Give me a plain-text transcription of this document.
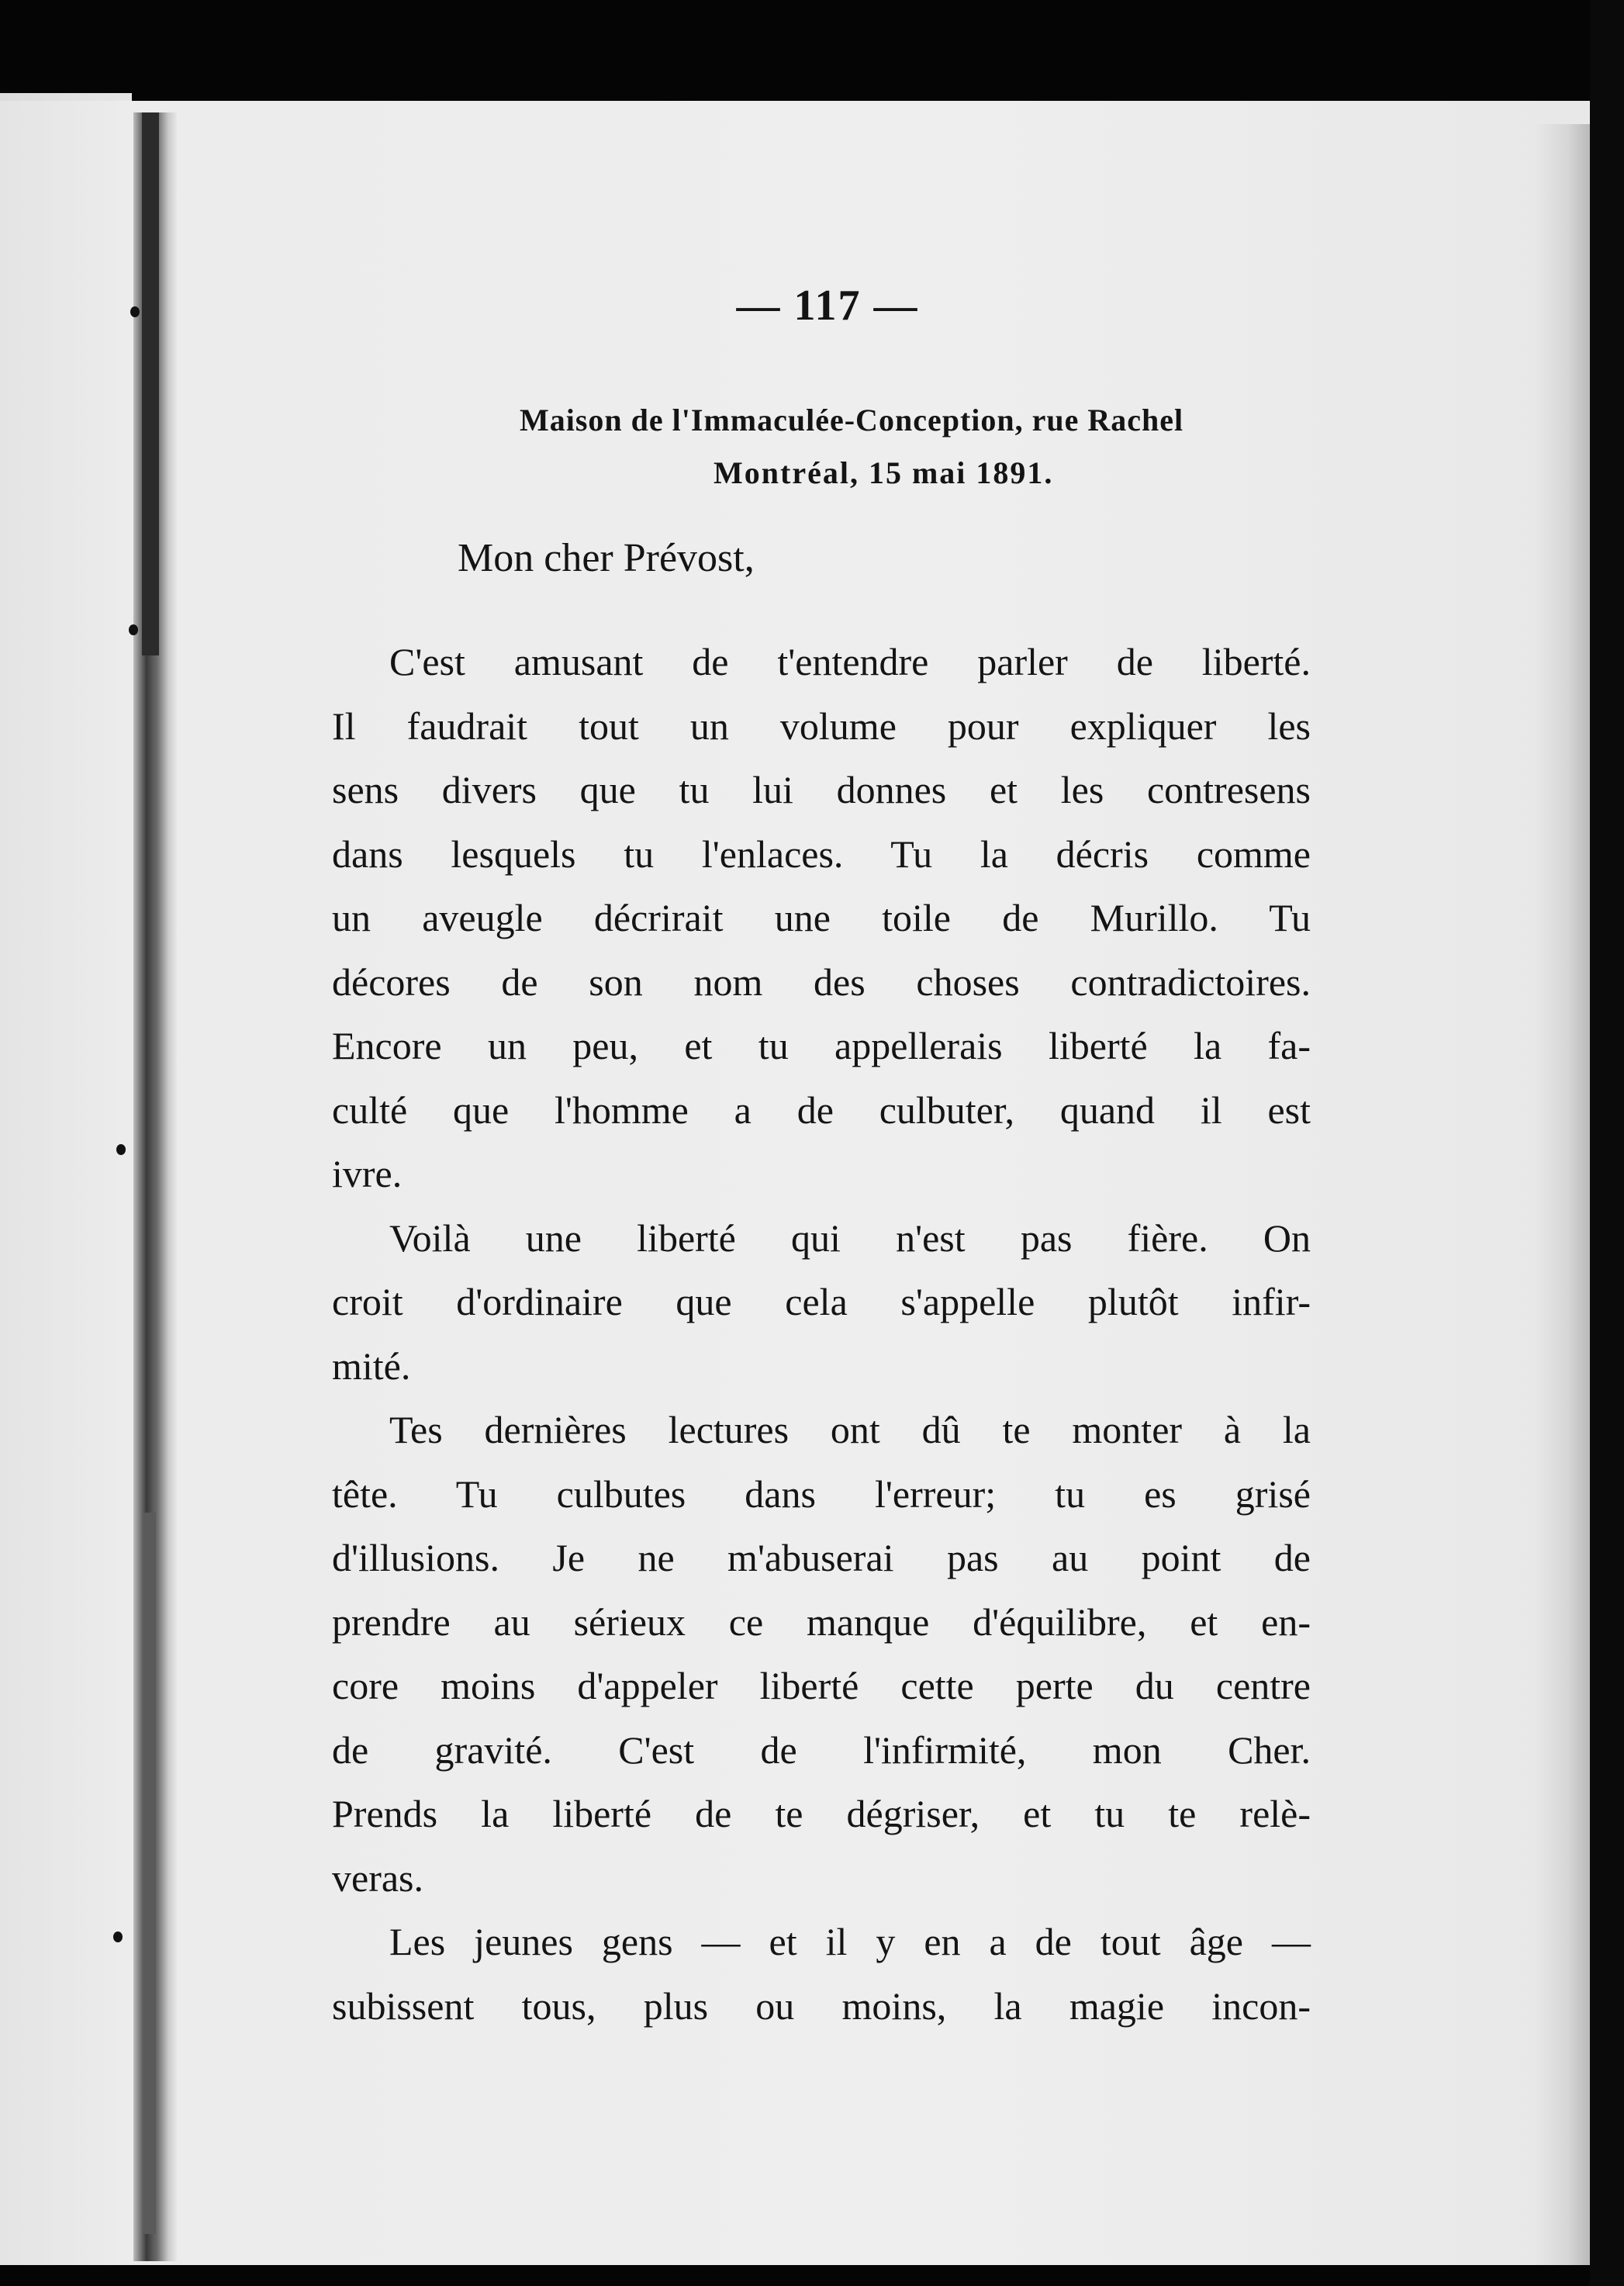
— 117 —
Maison de l'Immaculée-Conception, rue Rachel
Montréal, 15 mai 1891.
Mon cher Prévost,
C'est amusant de t'entendre parler de liberté.
Il faudrait tout un volume pour expliquer les
sens divers que tu lui donnes et les contresens
dans lesquels tu l'enlaces. Tu la décris comme
un aveugle décrirait une toile de Murillo. Tu
décores de son nom des choses contradictoires.
Encore un peu, et tu appellerais liberté la fa-
culté que l'homme a de culbuter, quand il est
ivre.
Voilà une liberté qui n'est pas fière. On
croit d'ordinaire que cela s'appelle plutôt infir-
mité.
Tes dernières lectures ont dû te monter à la
tête. Tu culbutes dans l'erreur; tu es grisé
d'illusions. Je ne m'abuserai pas au point de
prendre au sérieux ce manque d'équilibre, et en-
core moins d'appeler liberté cette perte du centre
de gravité. C'est de l'infirmité, mon Cher.
Prends la liberté de te dégriser, et tu te relè-
veras.
Les jeunes gens — et il y en a de tout âge —
subissent tous, plus ou moins, la magie incon-
